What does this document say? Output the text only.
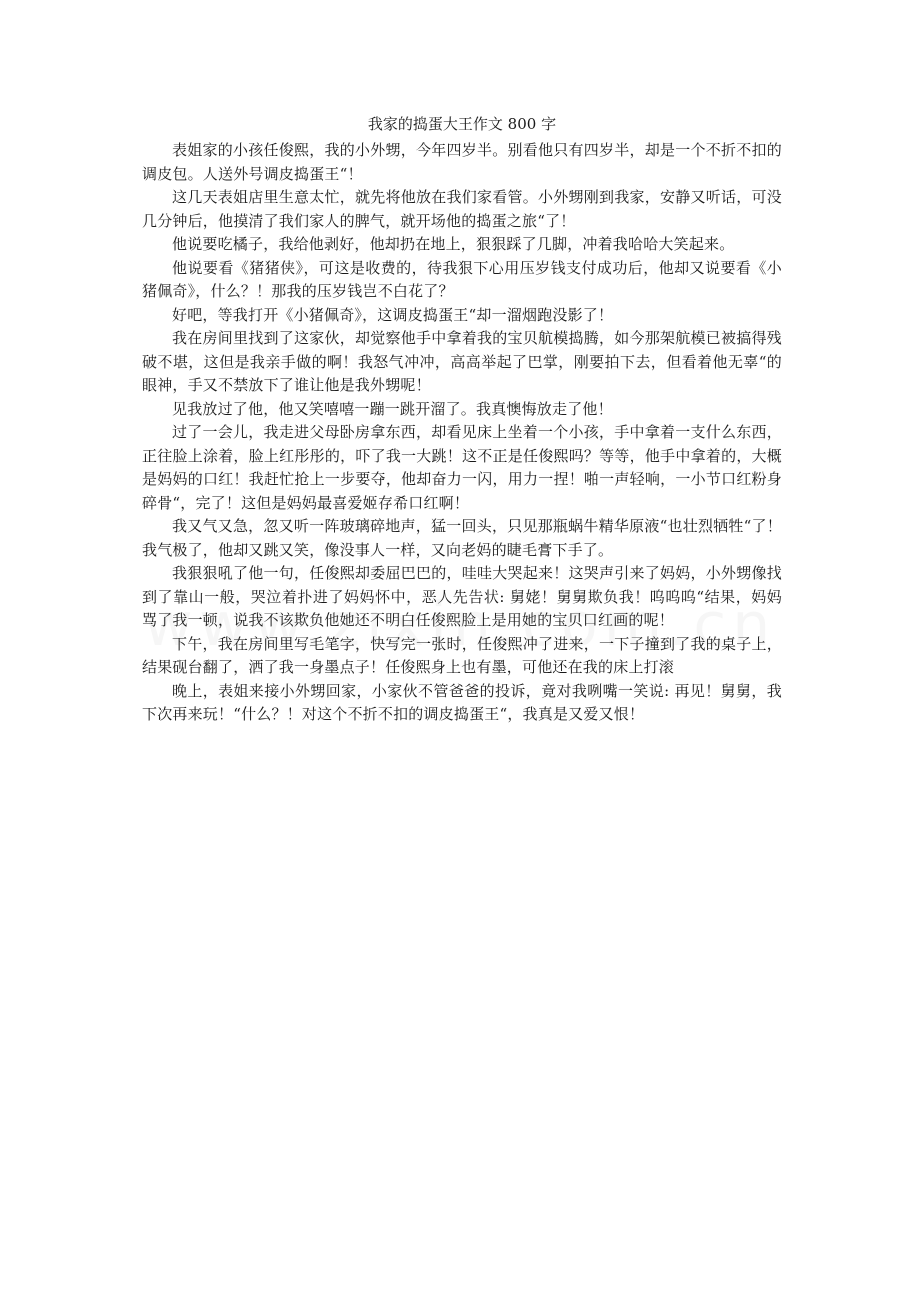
我家的捣蛋大王作文 800 字

表姐家的小孩任俊熙，我的小外甥，今年四岁半。别看他只有四岁半，却是一个不折不扣的调皮包。人送外号调皮捣蛋王“！

这几天表姐店里生意太忙，就先将他放在我们家看管。小外甥刚到我家，安静又听话，可没几分钟后，他摸清了我们家人的脾气，就开场他的捣蛋之旅“了！

他说要吃橘子，我给他剥好，他却扔在地上，狠狠踩了几脚，冲着我哈哈大笑起来。

他说要看《猪猪侠》，可这是收费的，待我狠下心用压岁钱支付成功后，他却又说要看《小猪佩奇》，什么？！那我的压岁钱岂不白花了？

好吧，等我打开《小猪佩奇》，这调皮捣蛋王“却一溜烟跑没影了！

我在房间里找到了这家伙，却觉察他手中拿着我的宝贝航模捣腾，如今那架航模已被搞得残破不堪，这但是我亲手做的啊！我怒气冲冲，高高举起了巴掌，刚要拍下去，但看着他无辜“的眼神，手又不禁放下了谁让他是我外甥呢！

见我放过了他，他又笑嘻嘻一蹦一跳开溜了。我真懊悔放走了他！

过了一会儿，我走进父母卧房拿东西，却看见床上坐着一个小孩，手中拿着一支什么东西，正往脸上涂着，脸上红彤彤的，吓了我一大跳！这不正是任俊熙吗？等等，他手中拿着的，大概是妈妈的口红！我赶忙抢上一步要夺，他却奋力一闪，用力一捏！啪一声轻响，一小节口红粉身碎骨“，完了！这但是妈妈最喜爱姬存希口红啊！

我又气又急，忽又听一阵玻璃碎地声，猛一回头，只见那瓶蜗牛精华原液“也壮烈牺牲“了！我气极了，他却又跳又笑，像没事人一样，又向老妈的睫毛膏下手了。

我狠狠吼了他一句，任俊熙却委屈巴巴的，哇哇大哭起来！这哭声引来了妈妈，小外甥像找到了靠山一般，哭泣着扑进了妈妈怀中，恶人先告状: 舅姥！舅舅欺负我！呜呜呜“结果，妈妈骂了我一顿，说我不该欺负他她还不明白任俊熙脸上是用她的宝贝口红画的呢！

下午，我在房间里写毛笔字，快写完一张时，任俊熙冲了进来，一下子撞到了我的桌子上，结果砚台翻了，洒了我一身墨点子！任俊熙身上也有墨，可他还在我的床上打滚

晚上，表姐来接小外甥回家，小家伙不管爸爸的投诉，竟对我咧嘴一笑说: 再见！舅舅，我下次再来玩！“什么？！对这个不折不扣的调皮捣蛋王“，我真是又爱又恨！
